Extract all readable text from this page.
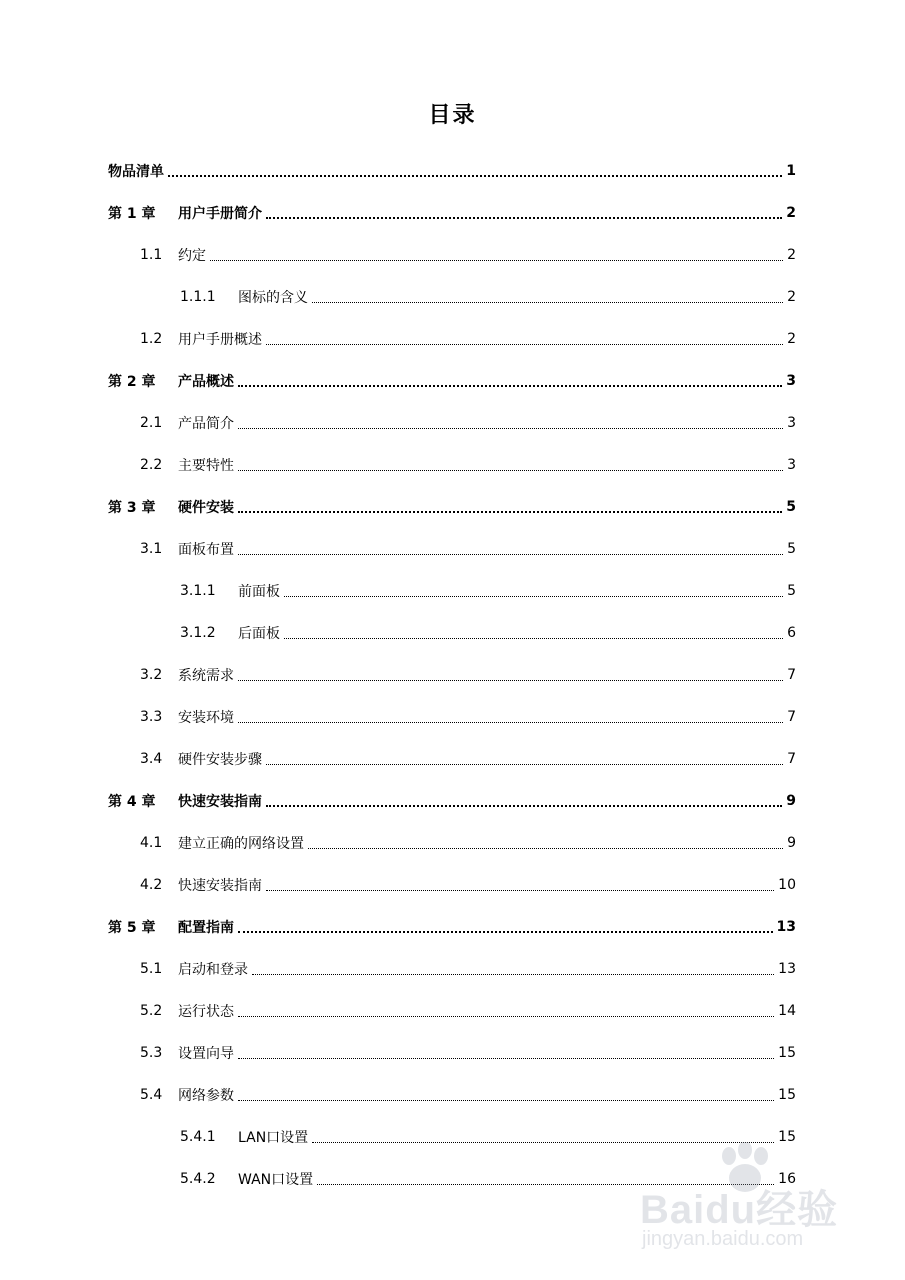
目录
物品清单	1
第 1 章	用户手册简介	2
1.1	约定	2
1.1.1	图标的含义	2
1.2	用户手册概述	2
第 2 章	产品概述	3
2.1	产品简介	3
2.2	主要特性	3
第 3 章	硬件安装	5
3.1	面板布置	5
3.1.1	前面板	5
3.1.2	后面板	6
3.2	系统需求	7
3.3	安装环境	7
3.4	硬件安装步骤	7
第 4 章	快速安装指南	9
4.1	建立正确的网络设置	9
4.2	快速安装指南	10
第 5 章	配置指南	13
5.1	启动和登录	13
5.2	运行状态	14
5.3	设置向导	15
5.4	网络参数	15
5.4.1	LAN口设置	15
5.4.2	WAN口设置	16
Baidu经验
jingyan.baidu.com
